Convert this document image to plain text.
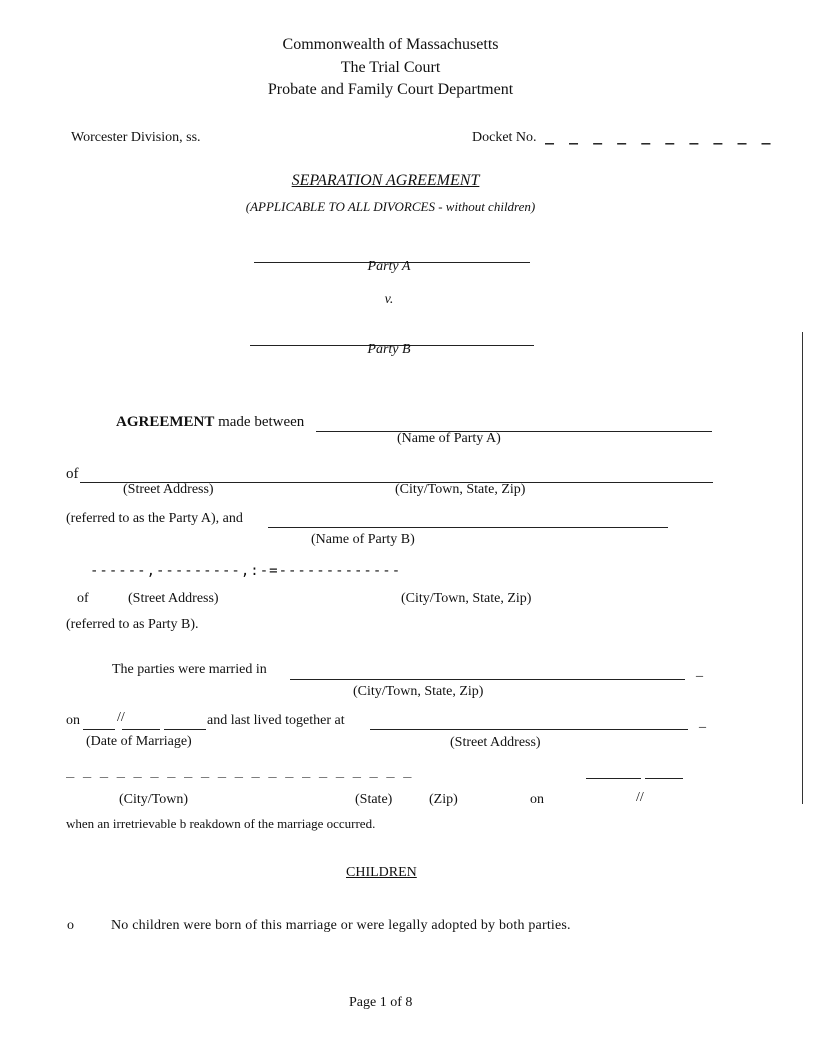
Commonwealth of Massachusetts
The Trial Court
Probate and Family Court Department
Worcester Division, ss.	Docket No. _ _ _ _ _ _ _ _ _ _
SEPARATION AGREEMENT
(APPLICABLE TO ALL DIVORCES - without children)
Party A
v.
Party B
AGREEMENT made between
(Name of Party A)
of
(Street Address)	(City/Town, State, Zip)
(referred to as the Party A), and
(Name of Party B)
------,---------,:-=-------------
of	(Street Address)	(City/Town, State, Zip)
(referred to as Party B).
The parties were married in	_
(City/Town, State, Zip)
on	//	and last lived together at	_
(Date of Marriage)	(Street Address)
_ _ _ _ _ _ _ _ _ _ _ _ _ _ _ _ _ _ _ _ _
(City/Town)	(State)	(Zip)	on	//
when an irretrievable b reakdown of the marriage occurred.
CHILDREN
o	No children were born of this marriage or were legally adopted by both parties.
Page 1 of 8
